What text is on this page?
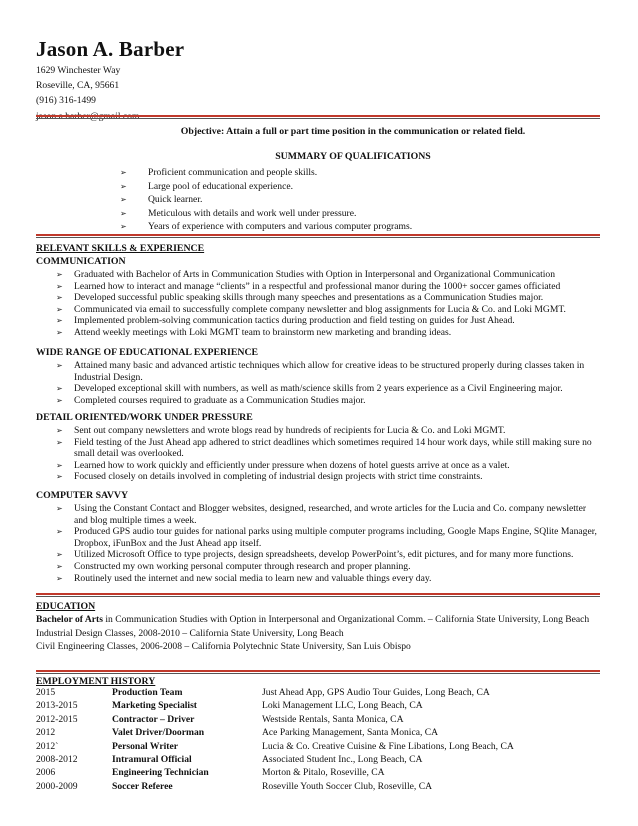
Jason A. Barber
1629 Winchester Way
Roseville, CA, 95661
(916) 316-1499
Objective: Attain a full or part time position in the communication or related field.
SUMMARY OF QUALIFICATIONS
➢	Proficient communication and people skills.
➢	Large pool of educational experience.
➢	Quick learner.
➢	Meticulous with details and work well under pressure.
➢	Years of experience with computers and various computer programs.
RELEVANT SKILLS & EXPERIENCE
COMMUNICATION
➢	Graduated with Bachelor of Arts in Communication Studies with Option in Interpersonal and Organizational Communication
➢	Learned how to interact and manage “clients” in a respectful and professional manor during the 1000+ soccer games officiated
➢	Developed successful public speaking skills through many speeches and presentations as a Communication Studies major.
➢	Communicated via email to successfully complete company newsletter and blog assignments for Lucia & Co. and Loki MGMT.
➢	Implemented problem-solving communication tactics during production and field testing on guides for Just Ahead.
➢	Attend weekly meetings with Loki MGMT team to brainstorm new marketing and branding ideas.
WIDE RANGE OF EDUCATIONAL EXPERIENCE
➢	Attained many basic and advanced artistic techniques which allow for creative ideas to be structured properly during classes taken in Industrial Design.
➢	Developed exceptional skill with numbers, as well as math/science skills from 2 years experience as a Civil Engineering major.
➢	Completed courses required to graduate as a Communication Studies major.
DETAIL ORIENTED/WORK UNDER PRESSURE
➢	Sent out company newsletters and wrote blogs read by hundreds of recipients for Lucia & Co. and Loki MGMT.
➢	Field testing of the Just Ahead app adhered to strict deadlines which sometimes required 14 hour work days, while still making sure no small detail was overlooked.
➢	Learned how to work quickly and efficiently under pressure when dozens of hotel guests arrive at once as a valet.
➢	Focused closely on details involved in completing of industrial design projects with strict time constraints.
COMPUTER SAVVY
➢	Using the Constant Contact and Blogger websites, designed, researched, and wrote articles for the Lucia and Co. company newsletter and blog multiple times a week.
➢	Produced GPS audio tour guides for national parks using multiple computer programs including, Google Maps Engine, SQlite Manager, Dropbox, iFunBox and the Just Ahead app itself.
➢	Utilized Microsoft Office to type projects, design spreadsheets, develop PowerPoint’s, edit pictures, and for many more functions.
➢	Constructed my own working personal computer through research and proper planning.
➢	Routinely used the internet and new social media to learn new and valuable things every day.
EDUCATION
Bachelor of Arts in Communication Studies with Option in Interpersonal and Organizational Comm. – California State University, Long Beach
Industrial Design Classes, 2008-2010 – California State University, Long Beach
Civil Engineering Classes, 2006-2008 – California Polytechnic State University, San Luis Obispo
EMPLOYMENT HISTORY
2015	Production Team	Just Ahead App, GPS Audio Tour Guides, Long Beach, CA
2013-2015	Marketing Specialist	Loki Management LLC, Long Beach, CA
2012-2015	Contractor – Driver	Westside Rentals, Santa Monica, CA
2012	Valet Driver/Doorman	Ace Parking Management, Santa Monica, CA
2012`	Personal Writer	Lucia & Co. Creative Cuisine & Fine Libations, Long Beach, CA
2008-2012	Intramural Official	Associated Student Inc., Long Beach, CA
2006	Engineering Technician	Morton & Pitalo, Roseville, CA
2000-2009	Soccer Referee	Roseville Youth Soccer Club, Roseville, CA
